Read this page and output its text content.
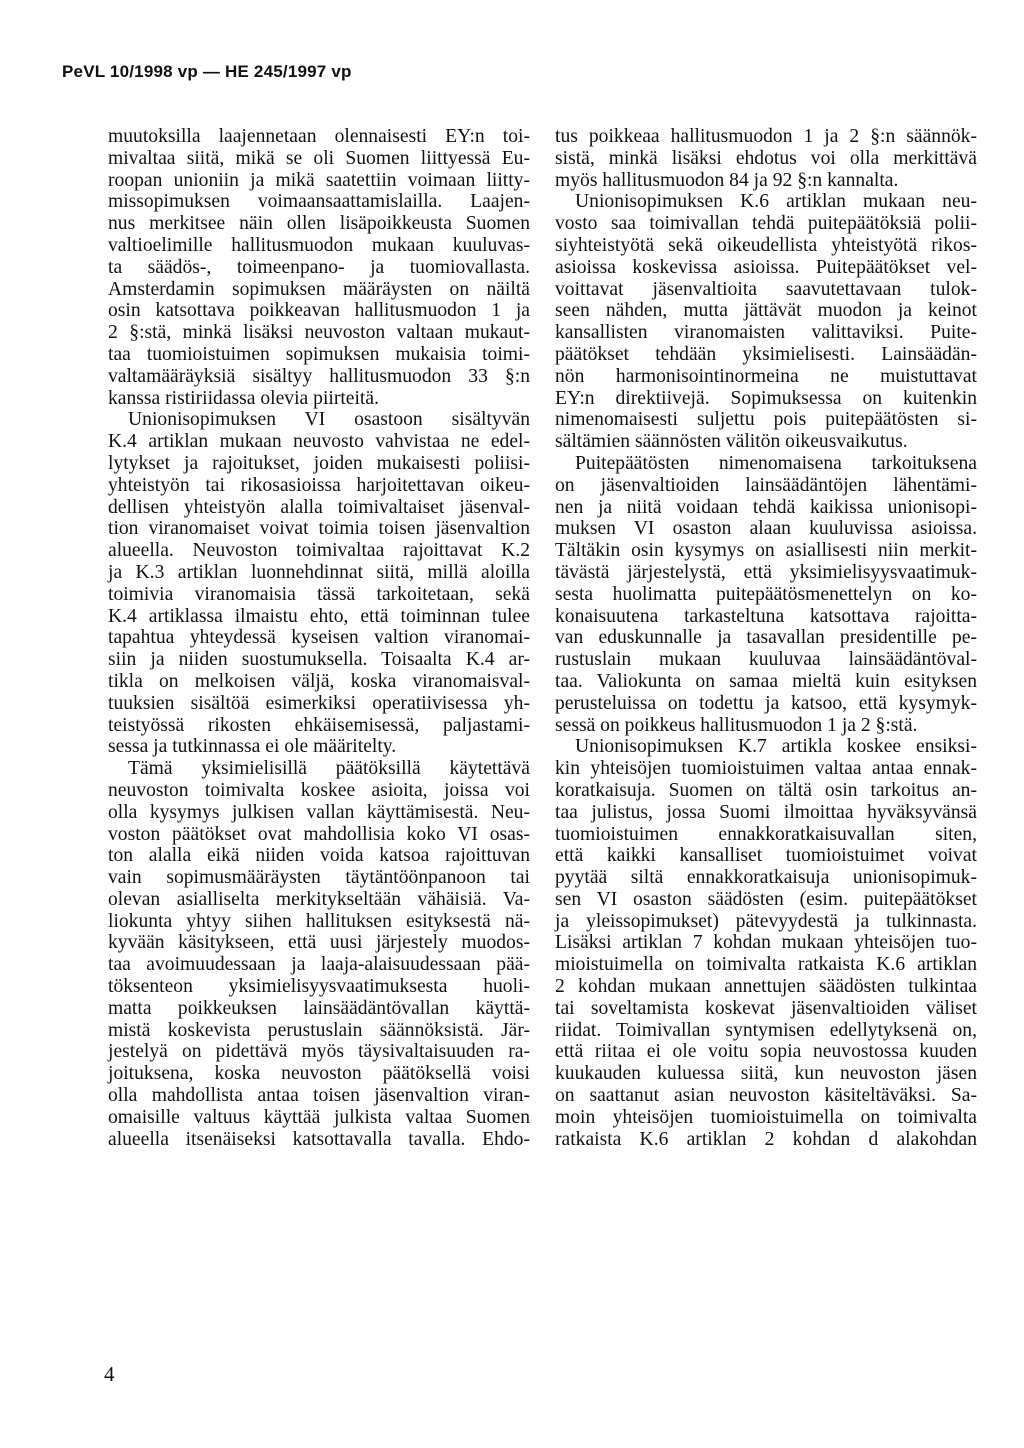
PeVL 10/1998 vp — HE 245/1997 vp
muutoksilla laajennetaan olennaisesti EY:n toi-
mivaltaa siitä, mikä se oli Suomen liittyessä Eu-
roopan unioniin ja mikä saatettiin voimaan liitty-
missopimuksen voimaansaattamislailla. Laajen-
nus merkitsee näin ollen lisäpoikkeusta Suomen
valtioelimille hallitusmuodon mukaan kuuluvas-
ta säädös-, toimeenpano- ja tuomiovallasta.
Amsterdamin sopimuksen määräysten on näiltä
osin katsottava poikkeavan hallitusmuodon 1 ja
2 §:stä, minkä lisäksi neuvoston valtaan mukaut-
taa tuomioistuimen sopimuksen mukaisia toimi-
valtamääräyksiä sisältyy hallitusmuodon 33 §:n
kanssa ristiriidassa olevia piirteitä.
Unionisopimuksen VI osastoon sisältyvän
K.4 artiklan mukaan neuvosto vahvistaa ne edel-
lytykset ja rajoitukset, joiden mukaisesti poliisi-
yhteistyön tai rikosasioissa harjoitettavan oikeu-
dellisen yhteistyön alalla toimivaltaiset jäsenval-
tion viranomaiset voivat toimia toisen jäsenvaltion
alueella. Neuvoston toimivaltaa rajoittavat K.2
ja K.3 artiklan luonnehdinnat siitä, millä aloilla
toimivia viranomaisia tässä tarkoitetaan, sekä
K.4 artiklassa ilmaistu ehto, että toiminnan tulee
tapahtua yhteydessä kyseisen valtion viranomai-
siin ja niiden suostumuksella. Toisaalta K.4 ar-
tikla on melkoisen väljä, koska viranomaisval-
tuuksien sisältöä esimerkiksi operatiivisessa yh-
teistyössä rikosten ehkäisemisessä, paljastami-
sessa ja tutkinnassa ei ole määritelty.
Tämä yksimielisillä päätöksillä käytettävä
neuvoston toimivalta koskee asioita, joissa voi
olla kysymys julkisen vallan käyttämisestä. Neu-
voston päätökset ovat mahdollisia koko VI osas-
ton alalla eikä niiden voida katsoa rajoittuvan
vain sopimusmääräysten täytäntöönpanoon tai
olevan asialliselta merkitykseltään vähäisiä. Va-
liokunta yhtyy siihen hallituksen esityksestä nä-
kyvään käsitykseen, että uusi järjestely muodos-
taa avoimuudessaan ja laaja-alaisuudessaan pää-
töksenteon yksimielisyysvaatimuksesta huoli-
matta poikkeuksen lainsäädäntövallan käyttä-
mistä koskevista perustuslain säännöksistä. Jär-
jestelyä on pidettävä myös täysivaltaisuuden ra-
joituksena, koska neuvoston päätöksellä voisi
olla mahdollista antaa toisen jäsenvaltion viran-
omaisille valtuus käyttää julkista valtaa Suomen
alueella itsenäiseksi katsottavalla tavalla. Ehdo-
tus poikkeaa hallitusmuodon 1 ja 2 §:n säännök-
sistä, minkä lisäksi ehdotus voi olla merkittävä
myös hallitusmuodon 84 ja 92 §:n kannalta.
Unionisopimuksen K.6 artiklan mukaan neu-
vosto saa toimivallan tehdä puitepäätöksiä polii-
siyhteistyötä sekä oikeudellista yhteistyötä rikos-
asioissa koskevissa asioissa. Puitepäätökset vel-
voittavat jäsenvaltioita saavutettavaan tulok-
seen nähden, mutta jättävät muodon ja keinot
kansallisten viranomaisten valittaviksi. Puite-
päätökset tehdään yksimielisesti. Lainsäädän-
nön harmonisointinormeina ne muistuttavat
EY:n direktiivejä. Sopimuksessa on kuitenkin
nimenomaisesti suljettu pois puitepäätösten si-
sältämien säännösten välitön oikeusvaikutus.
Puitepäätösten nimenomaisena tarkoituksena
on jäsenvaltioiden lainsäädäntöjen lähentämi-
nen ja niitä voidaan tehdä kaikissa unionisopi-
muksen VI osaston alaan kuuluvissa asioissa.
Tältäkin osin kysymys on asiallisesti niin merkit-
tävästä järjestelystä, että yksimielisyysvaatimuk-
sesta huolimatta puitepäätösmenettelyn on ko-
konaisuutena tarkasteltuna katsottava rajoitta-
van eduskunnalle ja tasavallan presidentille pe-
rustuslain mukaan kuuluvaa lainsäädäntöval-
taa. Valiokunta on samaa mieltä kuin esityksen
perusteluissa on todettu ja katsoo, että kysymyk-
sessä on poikkeus hallitusmuodon 1 ja 2 §:stä.
Unionisopimuksen K.7 artikla koskee ensiksi-
kin yhteisöjen tuomioistuimen valtaa antaa ennak-
koratkaisuja. Suomen on tältä osin tarkoitus an-
taa julistus, jossa Suomi ilmoittaa hyväksyvänsä
tuomioistuimen ennakkoratkaisuvallan siten,
että kaikki kansalliset tuomioistuimet voivat
pyytää siltä ennakkoratkaisuja unionisopimuk-
sen VI osaston säädösten (esim. puitepäätökset
ja yleissopimukset) pätevyydestä ja tulkinnasta.
Lisäksi artiklan 7 kohdan mukaan yhteisöjen tuo-
mioistuimella on toimivalta ratkaista K.6 artiklan
2 kohdan mukaan annettujen säädösten tulkintaa
tai soveltamista koskevat jäsenvaltioiden väliset
riidat. Toimivallan syntymisen edellytyksenä on,
että riitaa ei ole voitu sopia neuvostossa kuuden
kuukauden kuluessa siitä, kun neuvoston jäsen
on saattanut asian neuvoston käsiteltäväksi. Sa-
moin yhteisöjen tuomioistuimella on toimivalta
ratkaista K.6 artiklan 2 kohdan d alakohdan
4
